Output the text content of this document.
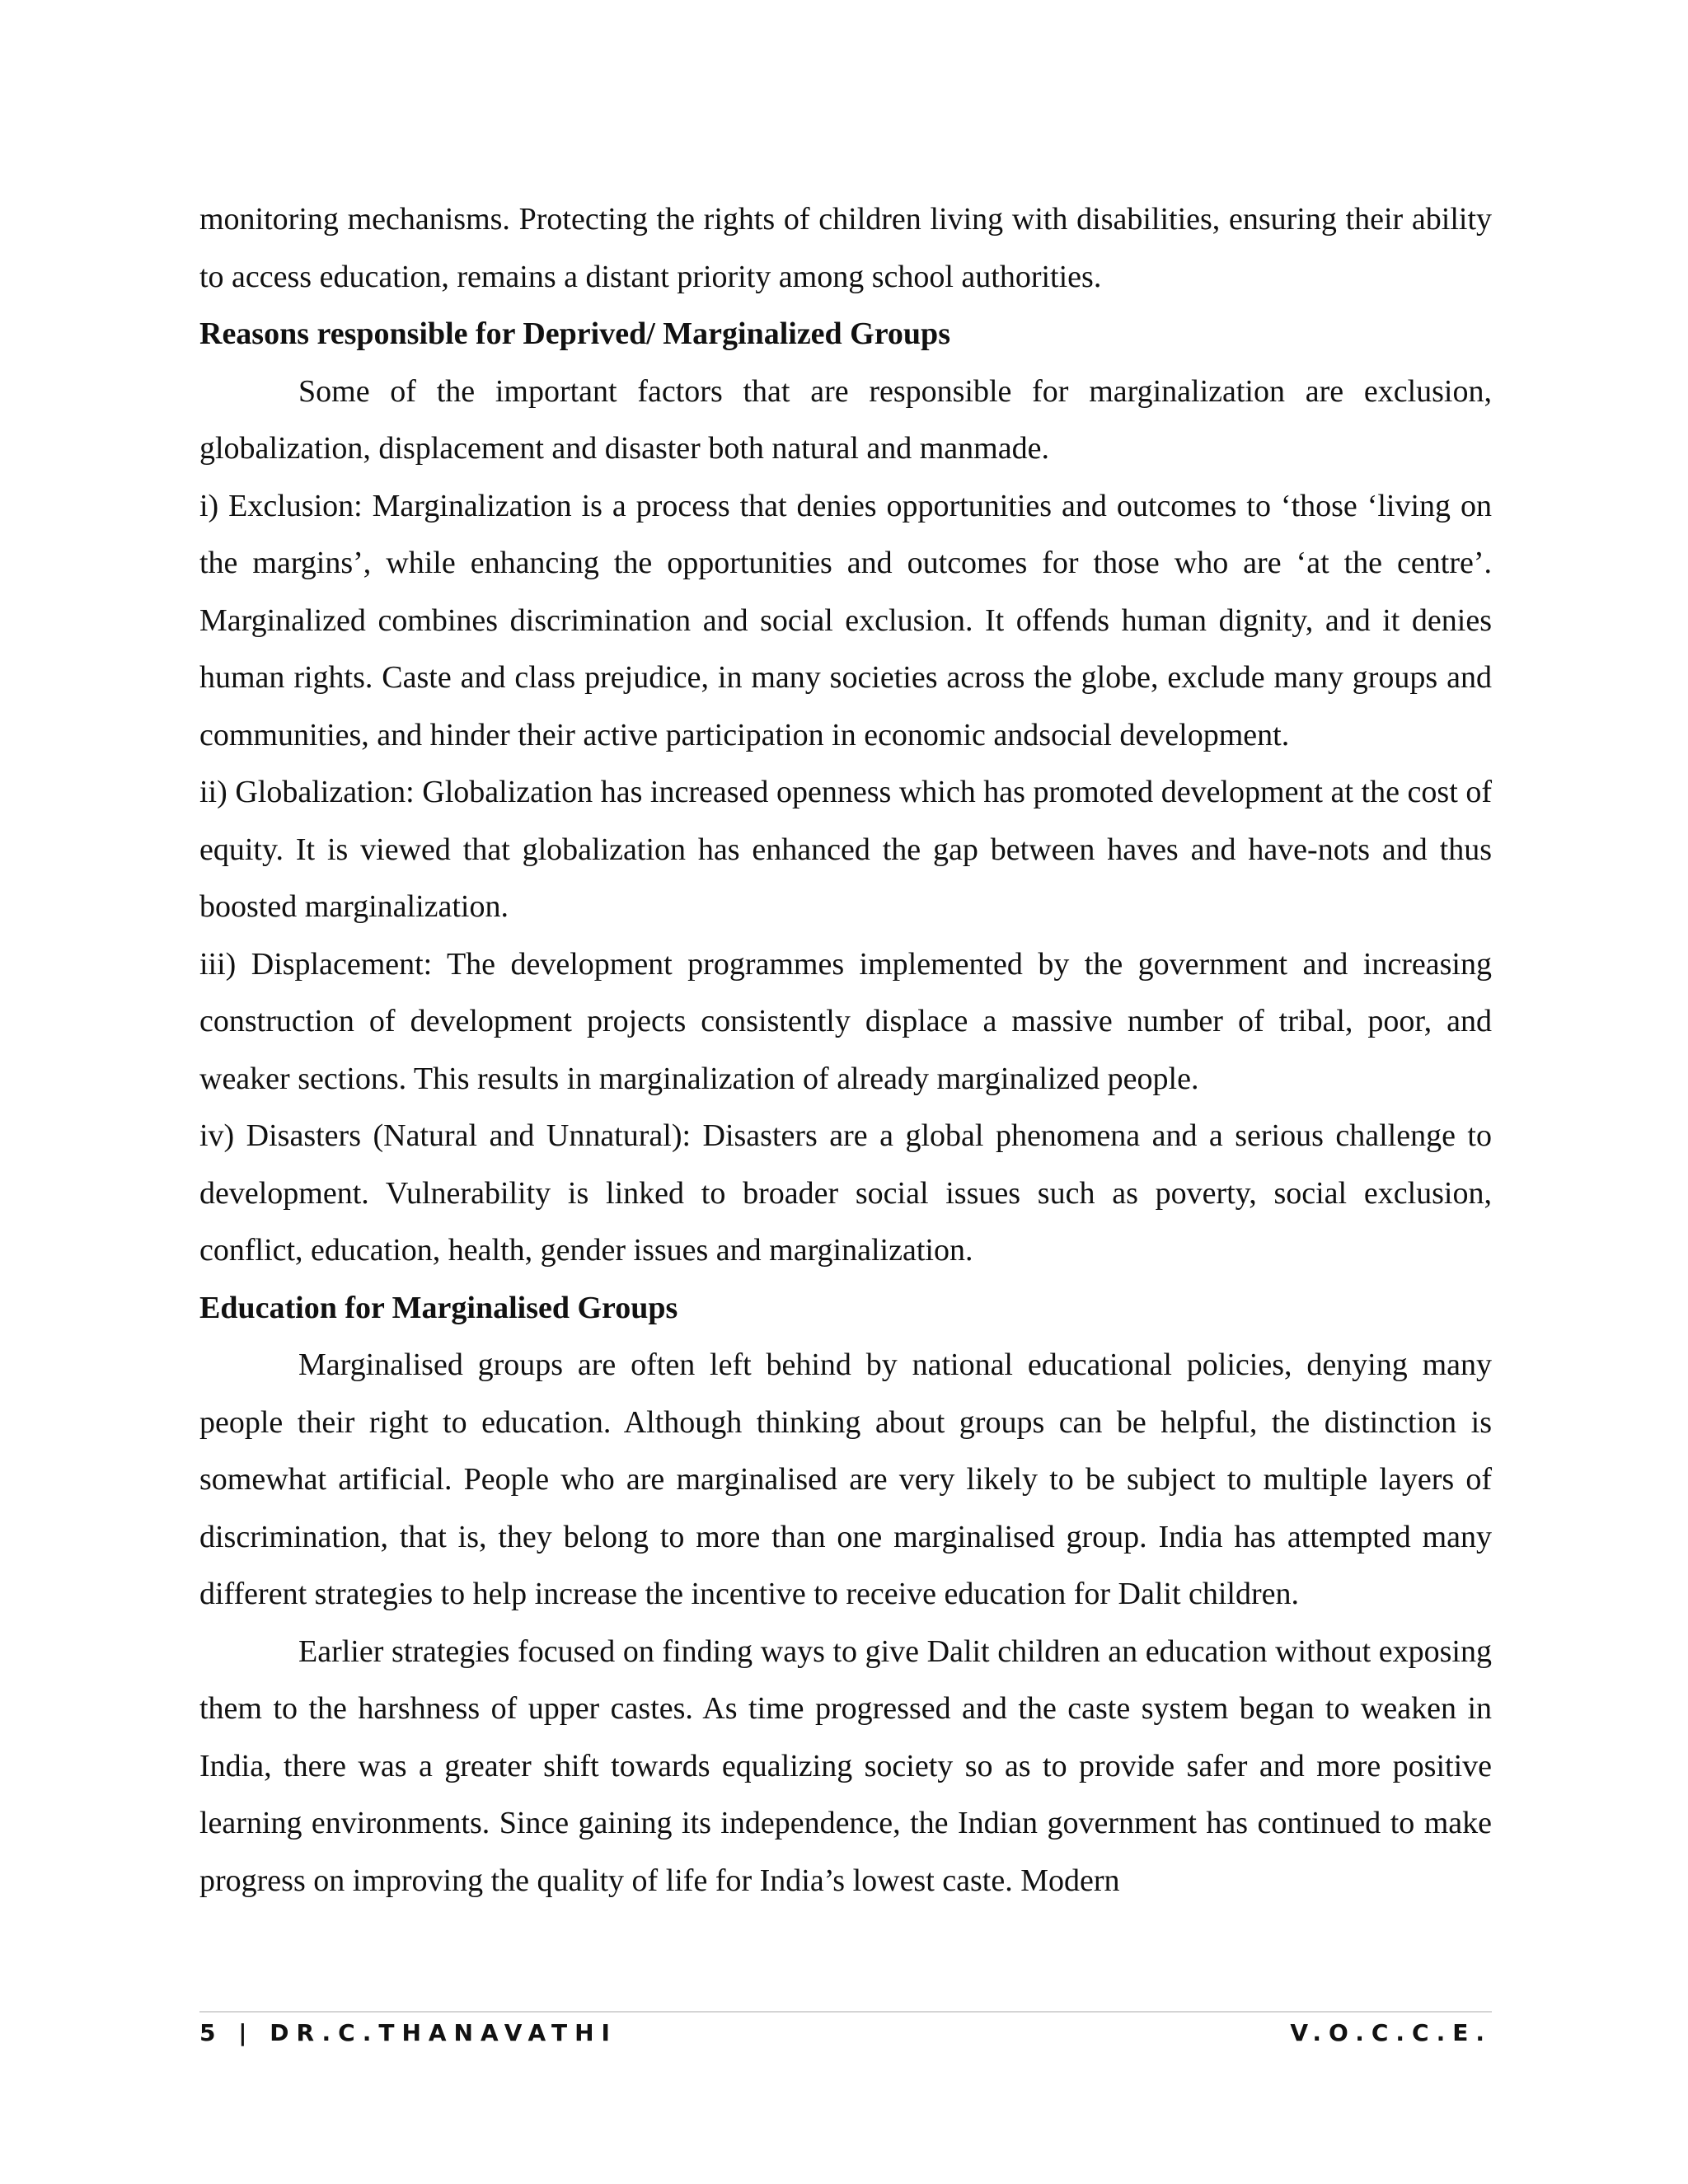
monitoring mechanisms. Protecting the rights of children living with disabilities, ensuring their ability to access education, remains a distant priority among school authorities.

Reasons responsible for Deprived/ Marginalized Groups

Some of the important factors that are responsible for marginalization are exclusion, globalization, displacement and disaster both natural and manmade.

i) Exclusion: Marginalization is a process that denies opportunities and outcomes to ‘those ‘living on the margins’, while enhancing the opportunities and outcomes for those who are ‘at the centre’. Marginalized combines discrimination and social exclusion. It offends human dignity, and it denies human rights. Caste and class prejudice, in many societies across the globe, exclude many groups and communities, and hinder their active participation in economic andsocial development.

ii) Globalization: Globalization has increased openness which has promoted development at the cost of equity. It is viewed that globalization has enhanced the gap between haves and have-nots and thus boosted marginalization.

iii) Displacement: The development programmes implemented by the government and increasing construction of development projects consistently displace a massive number of tribal, poor, and weaker sections. This results in marginalization of already marginalized people.

iv) Disasters (Natural and Unnatural): Disasters are a global phenomena and a serious challenge to development. Vulnerability is linked to broader social issues such as poverty, social exclusion, conflict, education, health, gender issues and marginalization.

Education for Marginalised Groups

Marginalised groups are often left behind by national educational policies, denying many people their right to education. Although thinking about groups can be helpful, the distinction is somewhat artificial. People who are marginalised are very likely to be subject to multiple layers of discrimination, that is, they belong to more than one marginalised group. India has attempted many different strategies to help increase the incentive to receive education for Dalit children.

Earlier strategies focused on finding ways to give Dalit children an education without exposing them to the harshness of upper castes. As time progressed and the caste system began to weaken in India, there was a greater shift towards equalizing society so as to provide safer and more positive learning environments. Since gaining its independence, the Indian government has continued to make progress on improving the quality of life for India’s lowest caste. Modern

5 | DR.C.THANAVATHI	V.O.C.C.E.
